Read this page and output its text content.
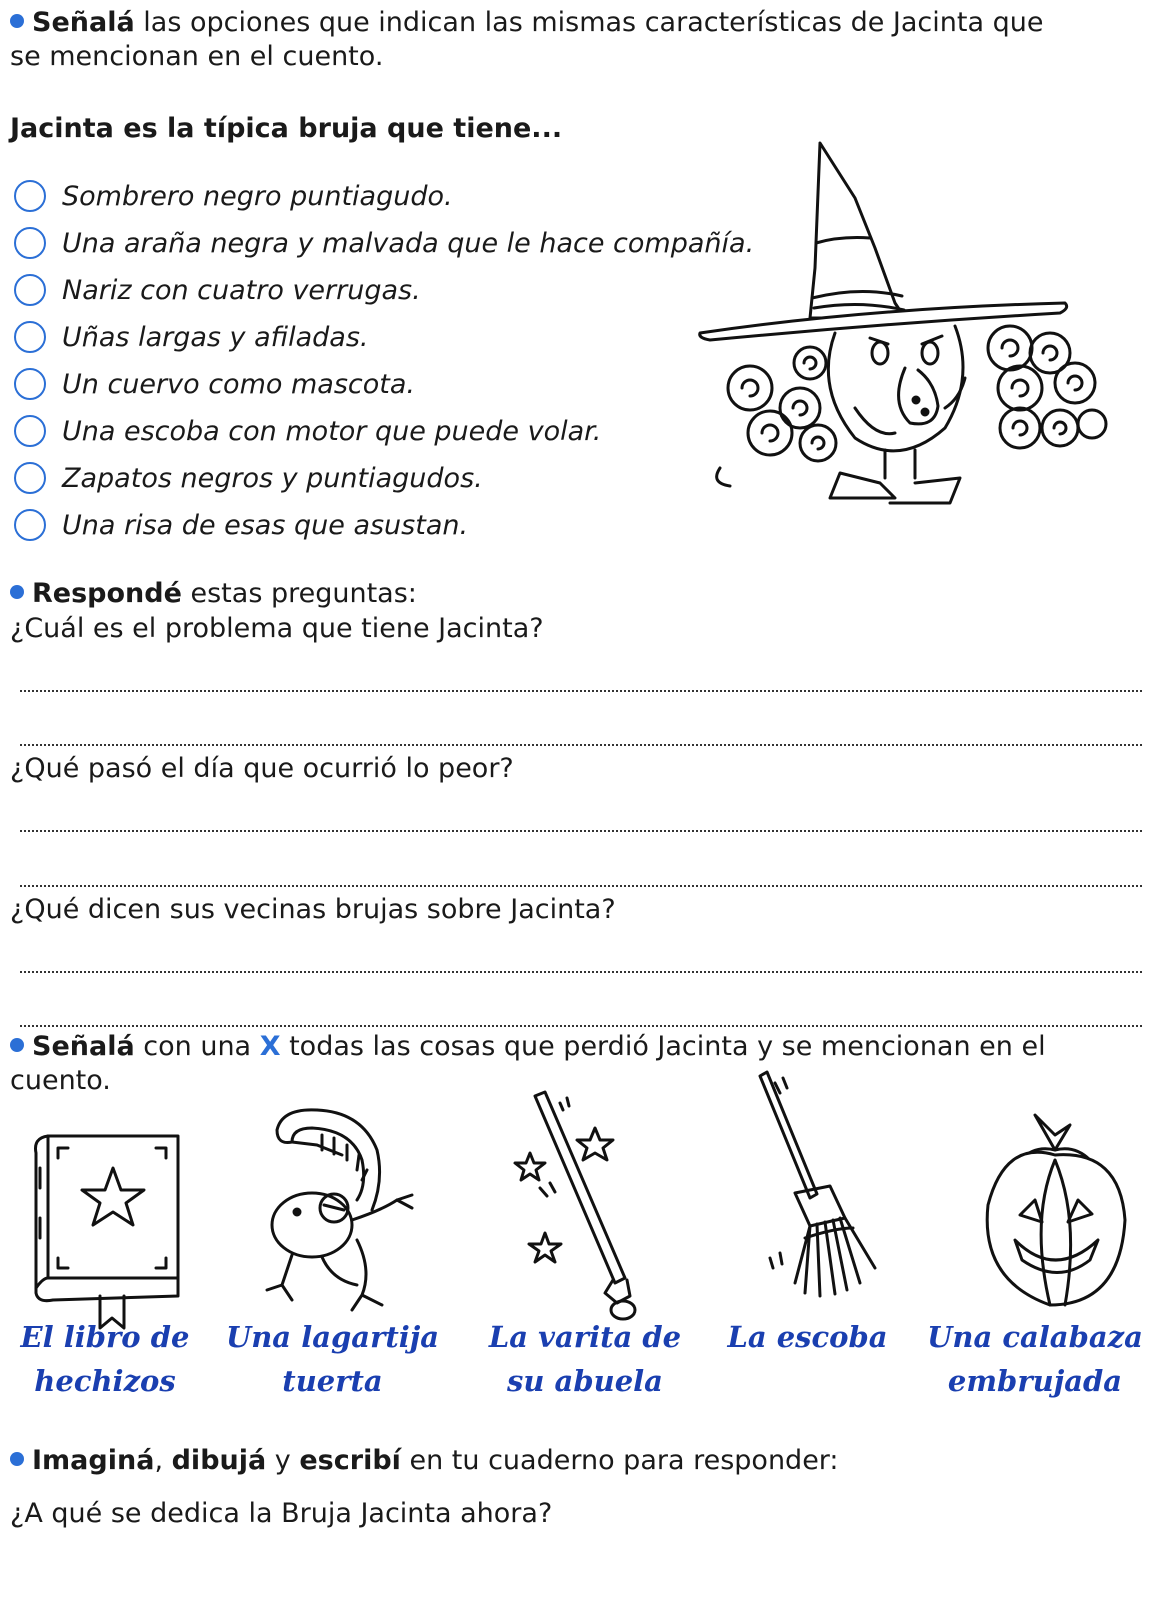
Señalá las opciones que indican las mismas características de Jacinta que
se mencionan en el cuento.
Jacinta es la típica bruja que tiene...
Sombrero negro puntiagudo.
Una araña negra y malvada que le hace compañía.
Nariz con cuatro verrugas.
Uñas largas y afiladas.
Un cuervo como mascota.
Una escoba con motor que puede volar.
Zapatos negros y puntiagudos.
Una risa de esas que asustan.
Respondé estas preguntas:
¿Cuál es el problema que tiene Jacinta?
¿Qué pasó el día que ocurrió lo peor?
¿Qué dicen sus vecinas brujas sobre Jacinta?
Señalá con una X todas las cosas que perdió Jacinta y se mencionan en el
cuento.
El libro de
hechizos
Una lagartija
tuerta
La varita de
su abuela
La escoba	Una calabaza
embrujada
Imaginá, dibujá y escribí en tu cuaderno para responder:
¿A qué se dedica la Bruja Jacinta ahora?
